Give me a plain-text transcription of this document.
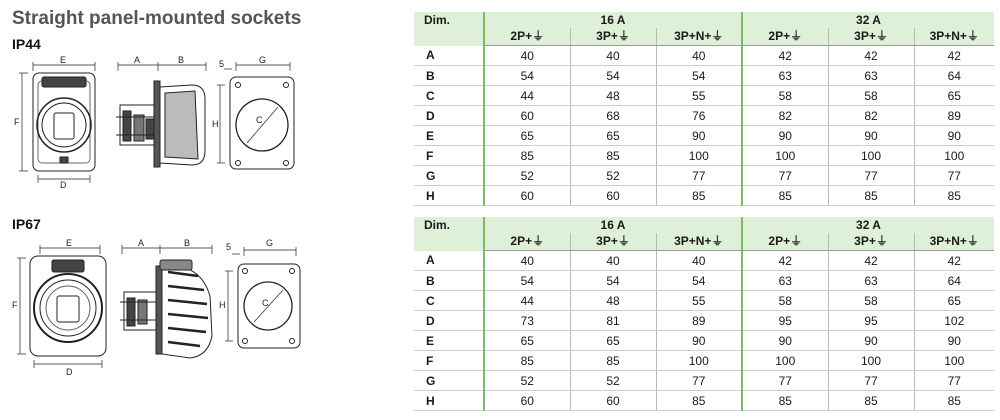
Straight panel-mounted sockets
IP44
IP67
E
F
D
A	B	5	G
H	C
E
F
D
A	B	5	G
H	C
Dim.	16 A			32 A		
	2P+⏚	3P+⏚	3P+N+⏚	2P+⏚	3P+⏚	3P+N+⏚
A	40	40	40	42	42	42
B	54	54	54	63	63	64
C	44	48	55	58	58	65
D	60	68	76	82	82	89
E	65	65	90	90	90	90
F	85	85	100	100	100	100
G	52	52	77	77	77	77
H	60	60	85	85	85	85
Dim.	16 A			32 A		
	2P+⏚	3P+⏚	3P+N+⏚	2P+⏚	3P+⏚	3P+N+⏚
A	40	40	40	42	42	42
B	54	54	54	63	63	64
C	44	48	55	58	58	65
D	73	81	89	95	95	102
E	65	65	90	90	90	90
F	85	85	100	100	100	100
G	52	52	77	77	77	77
H	60	60	85	85	85	85
